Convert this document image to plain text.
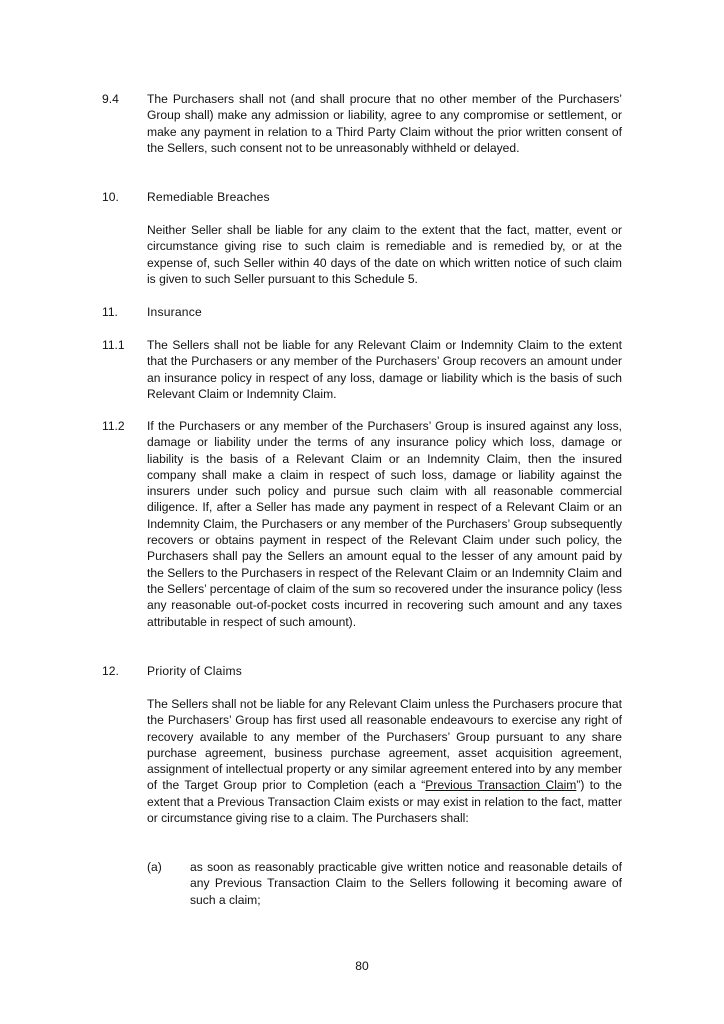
9.4 The Purchasers shall not (and shall procure that no other member of the Purchasers’ Group shall) make any admission or liability, agree to any compromise or settlement, or make any payment in relation to a Third Party Claim without the prior written consent of the Sellers, such consent not to be unreasonably withheld or delayed.
10. Remediable Breaches
Neither Seller shall be liable for any claim to the extent that the fact, matter, event or circumstance giving rise to such claim is remediable and is remedied by, or at the expense of, such Seller within 40 days of the date on which written notice of such claim is given to such Seller pursuant to this Schedule 5.
11. Insurance
11.1 The Sellers shall not be liable for any Relevant Claim or Indemnity Claim to the extent that the Purchasers or any member of the Purchasers’ Group recovers an amount under an insurance policy in respect of any loss, damage or liability which is the basis of such Relevant Claim or Indemnity Claim.
11.2 If the Purchasers or any member of the Purchasers’ Group is insured against any loss, damage or liability under the terms of any insurance policy which loss, damage or liability is the basis of a Relevant Claim or an Indemnity Claim, then the insured company shall make a claim in respect of such loss, damage or liability against the insurers under such policy and pursue such claim with all reasonable commercial diligence. If, after a Seller has made any payment in respect of a Relevant Claim or an Indemnity Claim, the Purchasers or any member of the Purchasers’ Group subsequently recovers or obtains payment in respect of the Relevant Claim under such policy, the Purchasers shall pay the Sellers an amount equal to the lesser of any amount paid by the Sellers to the Purchasers in respect of the Relevant Claim or an Indemnity Claim and the Sellers’ percentage of claim of the sum so recovered under the insurance policy (less any reasonable out-of-pocket costs incurred in recovering such amount and any taxes attributable in respect of such amount).
12. Priority of Claims
The Sellers shall not be liable for any Relevant Claim unless the Purchasers procure that the Purchasers’ Group has first used all reasonable endeavours to exercise any right of recovery available to any member of the Purchasers’ Group pursuant to any share purchase agreement, business purchase agreement, asset acquisition agreement, assignment of intellectual property or any similar agreement entered into by any member of the Target Group prior to Completion (each a “Previous Transaction Claim”) to the extent that a Previous Transaction Claim exists or may exist in relation to the fact, matter or circumstance giving rise to a claim. The Purchasers shall:
(a) as soon as reasonably practicable give written notice and reasonable details of any Previous Transaction Claim to the Sellers following it becoming aware of such a claim;
80
